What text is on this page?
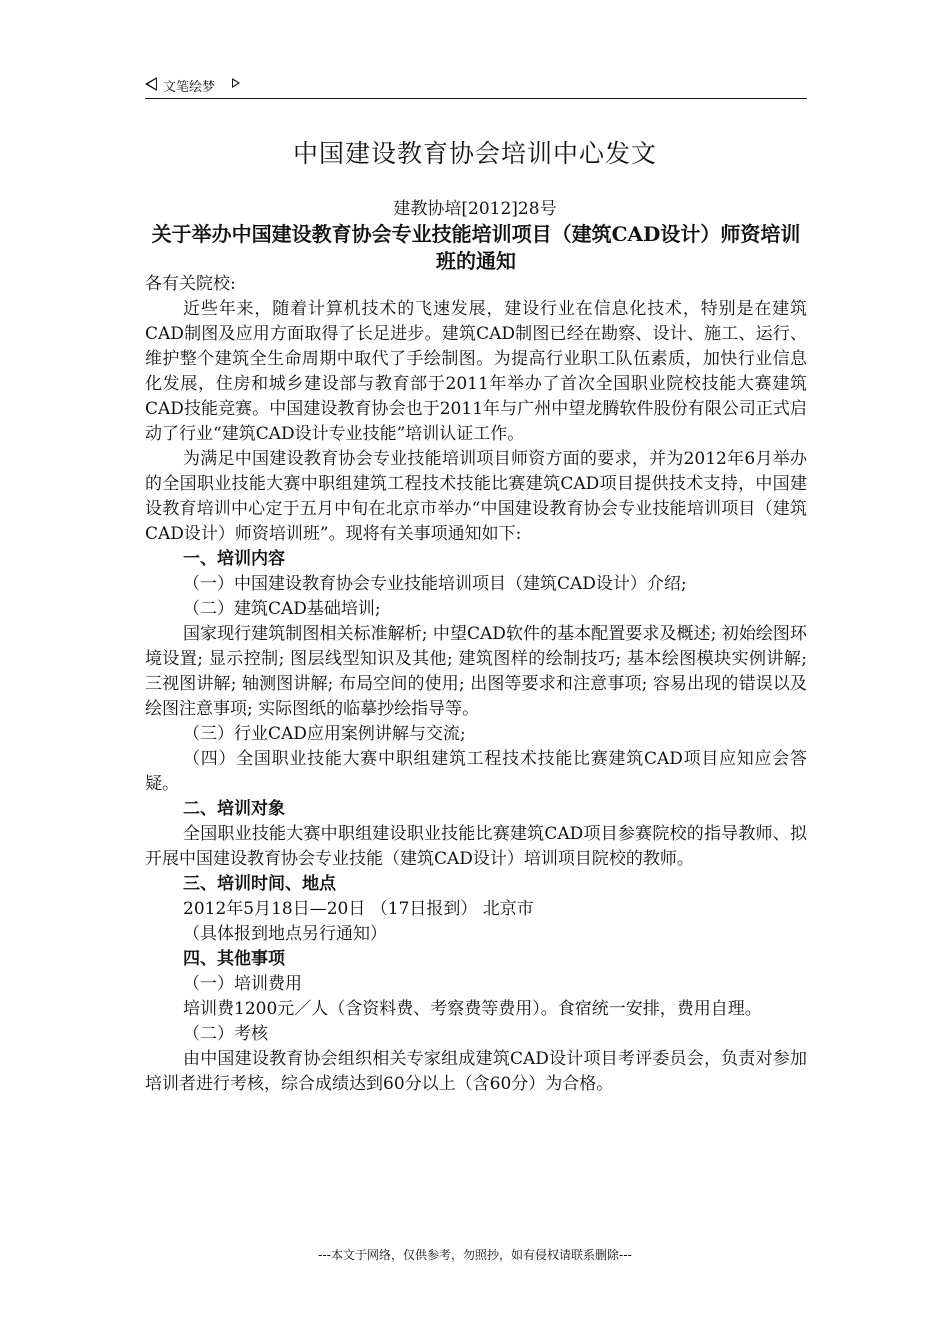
文笔绘梦
中国建设教育协会培训中心发文
建教协培[2012]28号
关于举办中国建设教育协会专业技能培训项目（建筑CAD设计）师资培训班的通知

各有关院校:

近些年来，随着计算机技术的飞速发展，建设行业在信息化技术，特别是在建筑CAD制图及应用方面取得了长足进步。建筑CAD制图已经在勘察、设计、施工、运行、维护整个建筑全生命周期中取代了手绘制图。为提高行业职工队伍素质，加快行业信息化发展，住房和城乡建设部与教育部于2011年举办了首次全国职业院校技能大赛建筑CAD技能竞赛。中国建设教育协会也于2011年与广州中望龙腾软件股份有限公司正式启动了行业“建筑CAD设计专业技能”培训认证工作。

为满足中国建设教育协会专业技能培训项目师资方面的要求，并为2012年6月举办的全国职业技能大赛中职组建筑工程技术技能比赛建筑CAD项目提供技术支持，中国建设教育培训中心定于五月中旬在北京市举办“中国建设教育协会专业技能培训项目（建筑CAD设计）师资培训班”。现将有关事项通知如下:

一、培训内容

（一）中国建设教育协会专业技能培训项目（建筑CAD设计）介绍;

（二）建筑CAD基础培训;

国家现行建筑制图相关标准解析; 中望CAD软件的基本配置要求及概述; 初始绘图环境设置; 显示控制; 图层线型知识及其他; 建筑图样的绘制技巧; 基本绘图模块实例讲解; 三视图讲解; 轴测图讲解; 布局空间的使用; 出图等要求和注意事项; 容易出现的错误以及绘图注意事项; 实际图纸的临摹抄绘指导等。

（三）行业CAD应用案例讲解与交流;

（四）全国职业技能大赛中职组建筑工程技术技能比赛建筑CAD项目应知应会答疑。

二、培训对象

全国职业技能大赛中职组建设职业技能比赛建筑CAD项目参赛院校的指导教师、拟开展中国建设教育协会专业技能（建筑CAD设计）培训项目院校的教师。

三、培训时间、地点

2012年5月18日—20日 （17日报到） 北京市

（具体报到地点另行通知）

四、其他事项

（一）培训费用

培训费1200元／人（含资料费、考察费等费用）。食宿统一安排，费用自理。

（二）考核

由中国建设教育协会组织相关专家组成建筑CAD设计项目考评委员会，负责对参加培训者进行考核，综合成绩达到60分以上（含60分）为合格。

---本文于网络，仅供参考，勿照抄，如有侵权请联系删除---
